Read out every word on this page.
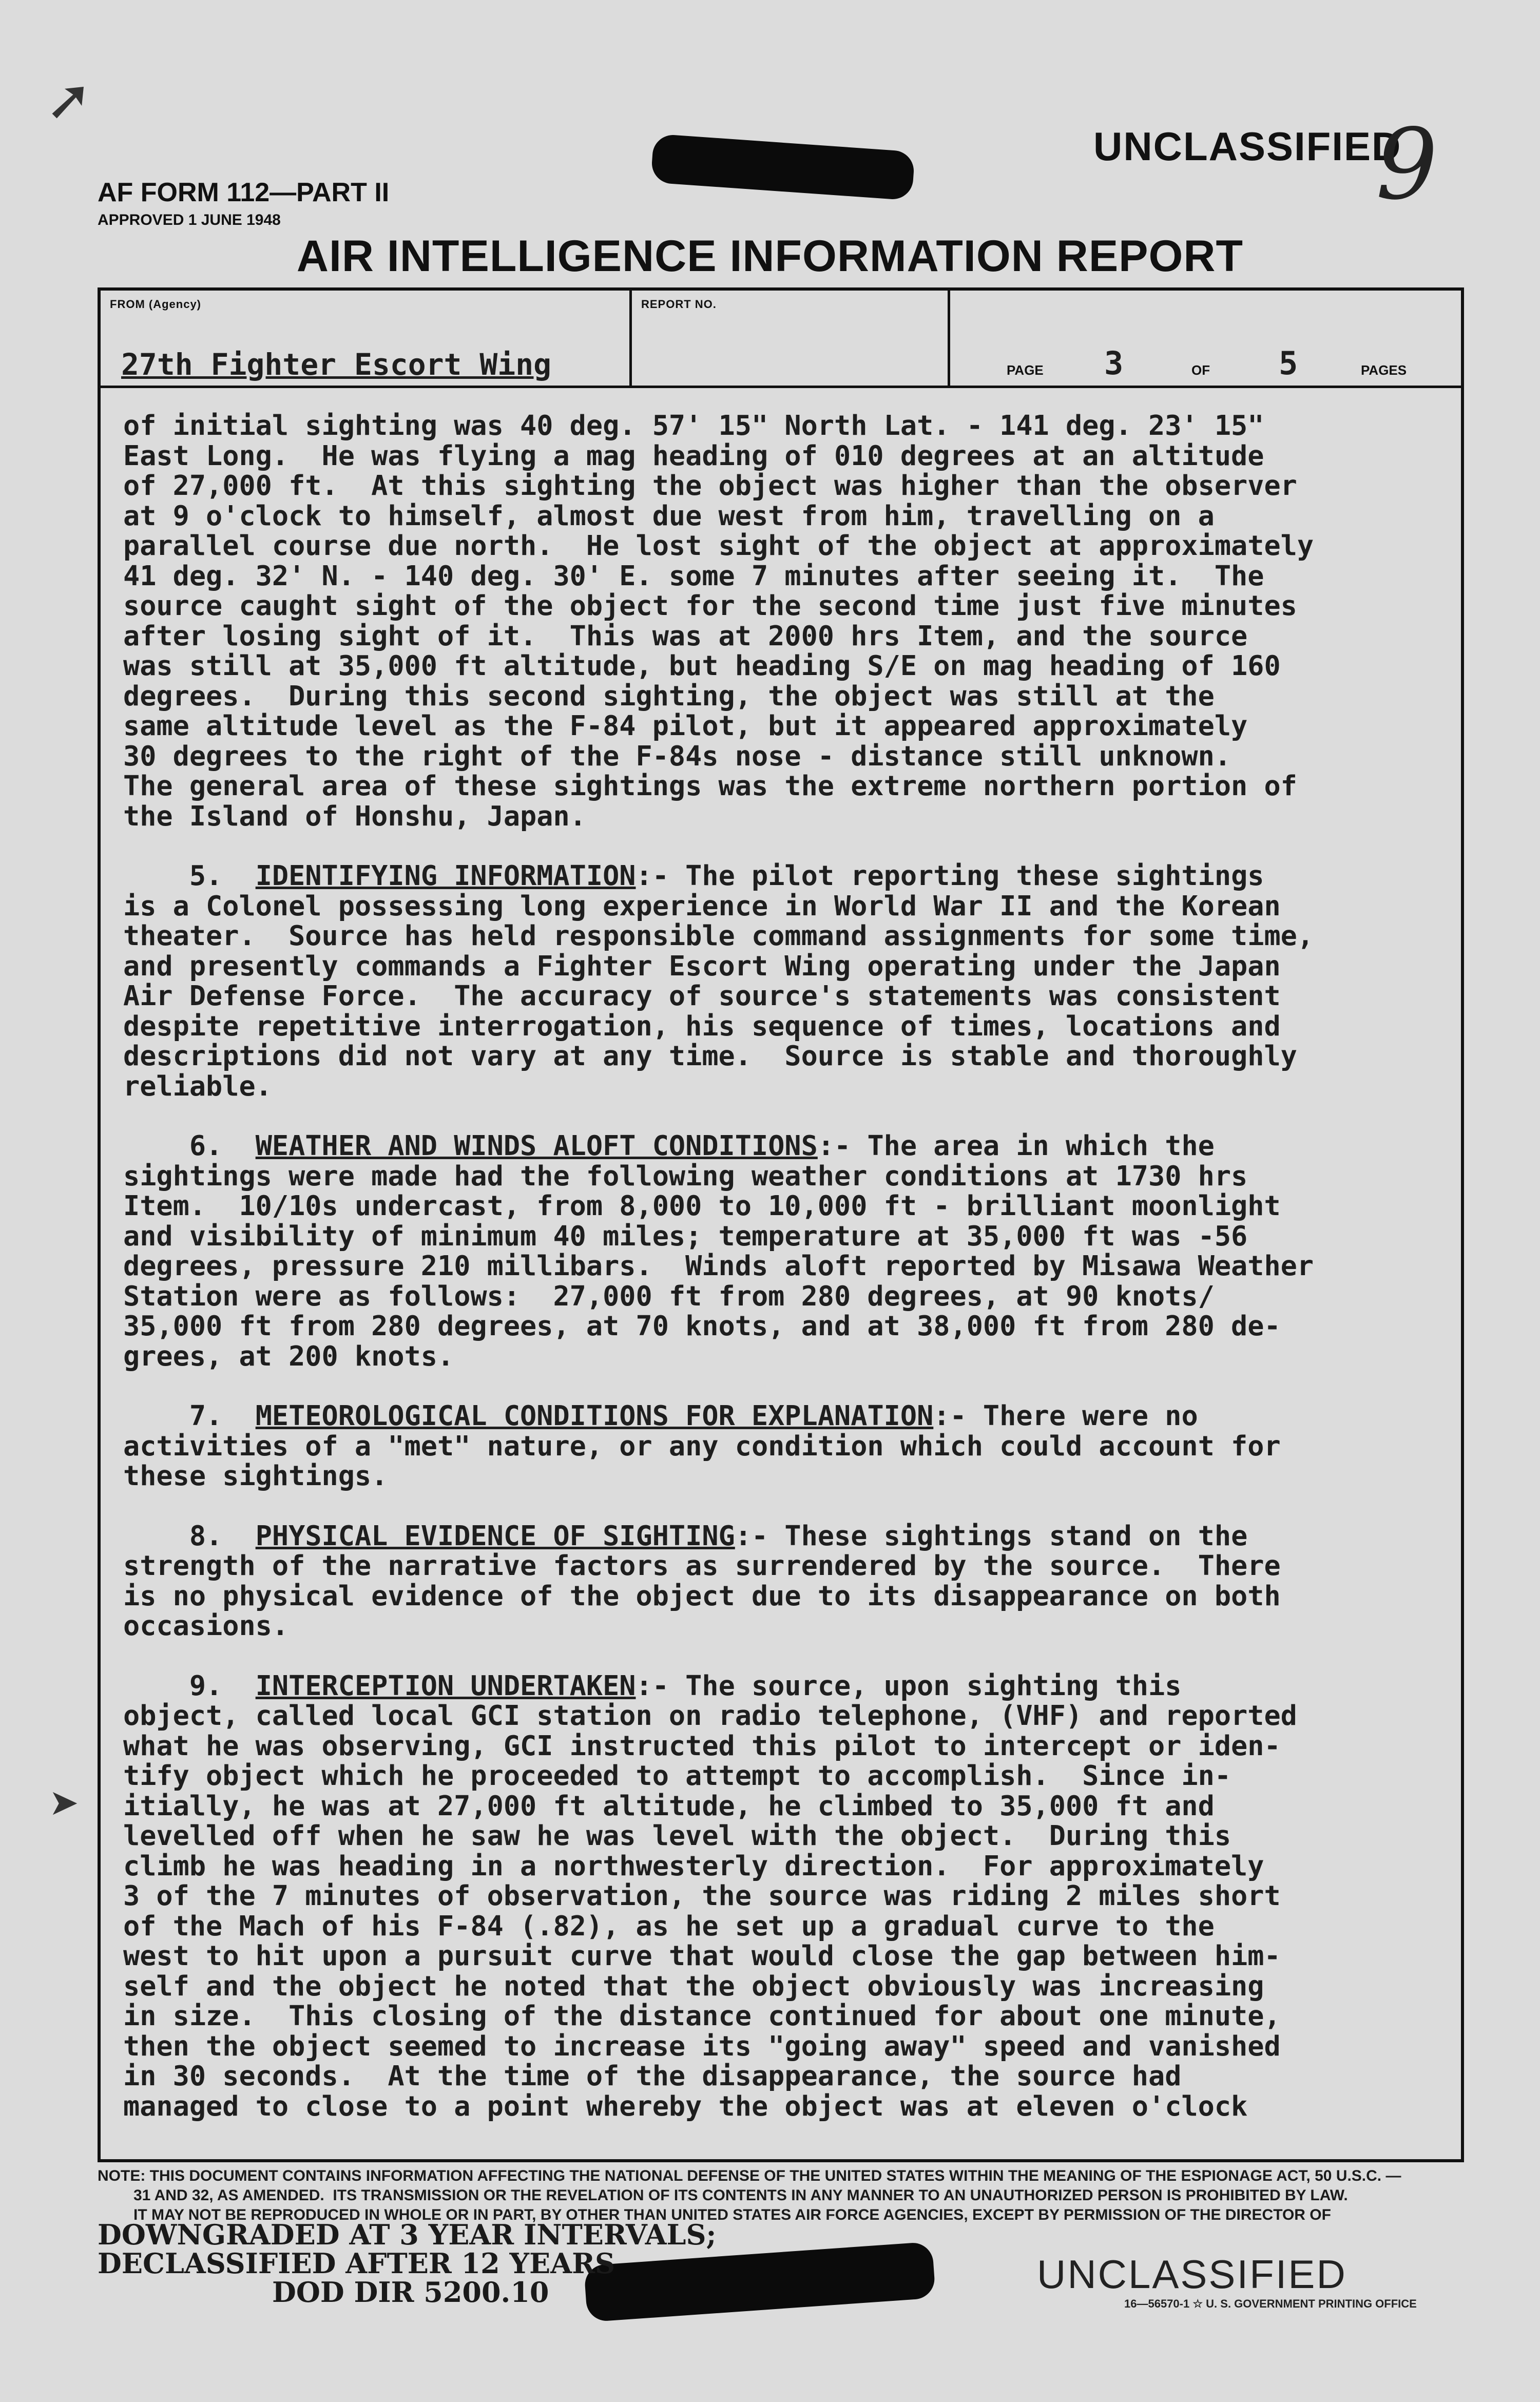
➚
➤
UNCLASSIFIED
9
AF FORM 112—PART II
APPROVED 1 JUNE 1948
AIR INTELLIGENCE INFORMATION REPORT
FROM (Agency)
27th Fighter Escort Wing
REPORT NO.
PAGE 3	OF 5	PAGES
of initial sighting was 40 deg. 57' 15" North Lat. - 141 deg. 23' 15"
East Long.  He was flying a mag heading of 010 degrees at an altitude
of 27,000 ft.  At this sighting the object was higher than the observer
at 9 o'clock to himself, almost due west from him, travelling on a
parallel course due north.  He lost sight of the object at approximately
41 deg. 32' N. - 140 deg. 30' E. some 7 minutes after seeing it.  The
source caught sight of the object for the second time just five minutes
after losing sight of it.  This was at 2000 hrs Item, and the source
was still at 35,000 ft altitude, but heading S/E on mag heading of 160
degrees.  During this second sighting, the object was still at the
same altitude level as the F-84 pilot, but it appeared approximately
30 degrees to the right of the F-84s nose - distance still unknown.
The general area of these sightings was the extreme northern portion of
the Island of Honshu, Japan.
5. IDENTIFYING INFORMATION:- The pilot reporting these sightings
is a Colonel possessing long experience in World War II and the Korean
theater.  Source has held responsible command assignments for some time,
and presently commands a Fighter Escort Wing operating under the Japan
Air Defense Force.  The accuracy of source's statements was consistent
despite repetitive interrogation, his sequence of times, locations and
descriptions did not vary at any time.  Source is stable and thoroughly
reliable.
6. WEATHER AND WINDS ALOFT CONDITIONS:- The area in which the
sightings were made had the following weather conditions at 1730 hrs
Item.  10/10s undercast, from 8,000 to 10,000 ft - brilliant moonlight
and visibility of minimum 40 miles; temperature at 35,000 ft was -56
degrees, pressure 210 millibars.  Winds aloft reported by Misawa Weather
Station were as follows:  27,000 ft from 280 degrees, at 90 knots/
35,000 ft from 280 degrees, at 70 knots, and at 38,000 ft from 280 de-
grees, at 200 knots.
7. METEOROLOGICAL CONDITIONS FOR EXPLANATION:- There were no
activities of a "met" nature, or any condition which could account for
these sightings.
8. PHYSICAL EVIDENCE OF SIGHTING:- These sightings stand on the
strength of the narrative factors as surrendered by the source.  There
is no physical evidence of the object due to its disappearance on both
occasions.
9. INTERCEPTION UNDERTAKEN:- The source, upon sighting this
object, called local GCI station on radio telephone, (VHF) and reported
what he was observing, GCI instructed this pilot to intercept or iden-
tify object which he proceeded to attempt to accomplish.  Since in-
itially, he was at 27,000 ft altitude, he climbed to 35,000 ft and
levelled off when he saw he was level with the object.  During this
climb he was heading in a northwesterly direction.  For approximately
3 of the 7 minutes of observation, the source was riding 2 miles short
of the Mach of his F-84 (.82), as he set up a gradual curve to the
west to hit upon a pursuit curve that would close the gap between him-
self and the object he noted that the object obviously was increasing
in size.  This closing of the distance continued for about one minute,
then the object seemed to increase its "going away" speed and vanished
in 30 seconds.  At the time of the disappearance, the source had
managed to close to a point whereby the object was at eleven o'clock
NOTE: THIS DOCUMENT CONTAINS INFORMATION AFFECTING THE NATIONAL DEFENSE OF THE UNITED STATES WITHIN THE MEANING OF THE ESPIONAGE ACT, 50 U.S.C. —
31 AND 32, AS AMENDED.  ITS TRANSMISSION OR THE REVELATION OF ITS CONTENTS IN ANY MANNER TO AN UNAUTHORIZED PERSON IS PROHIBITED BY LAW.
IT MAY NOT BE REPRODUCED IN WHOLE OR IN PART, BY OTHER THAN UNITED STATES AIR FORCE AGENCIES, EXCEPT BY PERMISSION OF THE DIRECTOR OF
DOWNGRADED AT 3 YEAR INTERVALS;
DECLASSIFIED AFTER 12 YEARS
DOD DIR 5200.10	UNCLASSIFIED
16—56570-1 ☆ U. S. GOVERNMENT PRINTING OFFICE
